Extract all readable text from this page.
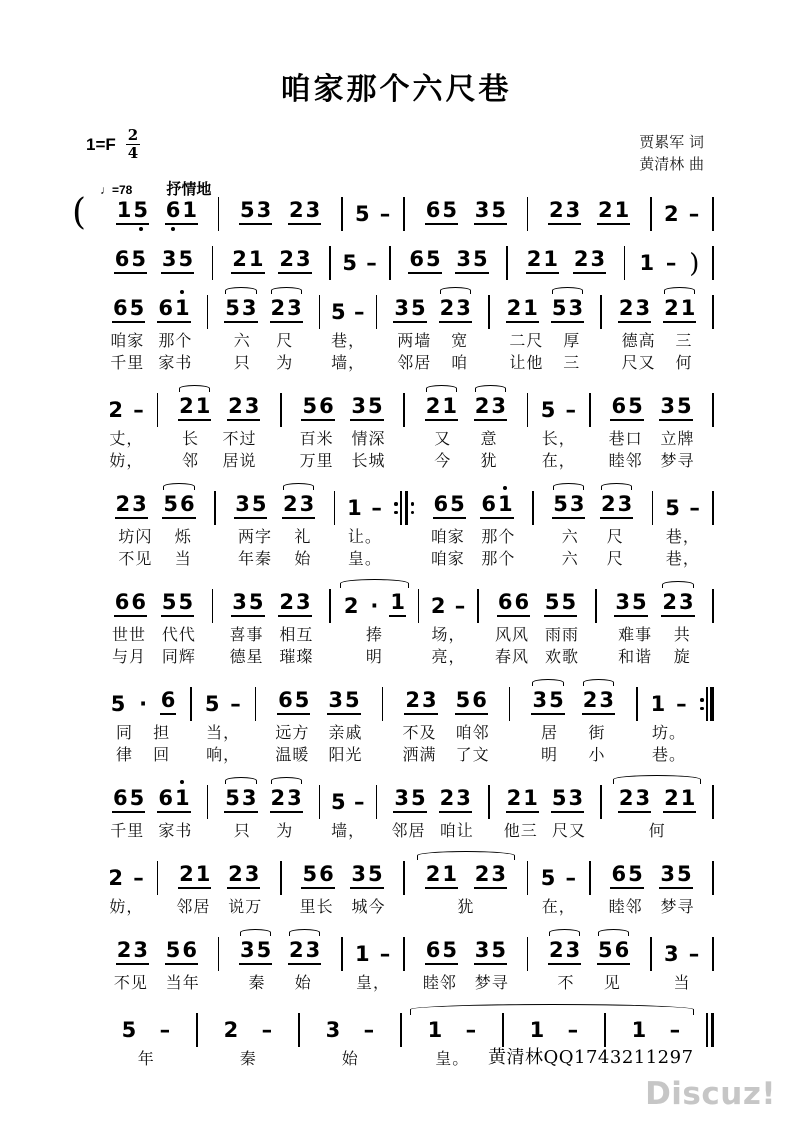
咱家那个六尺巷
$1=F \frac{2}{4}$	贾累军 词
黄清林 曲
(
♩=78 抒情地
1 5 6 1 5 3 2 3 5 – 6 5 3 5 2 3 2 1 2 –
6 5 3 5 2 1 2 3 5 – 6 5 3 5 2 1 2 3 1 – )
6 5 6 1
咱家 那个
千里 家书
5 3 2 3
六 尺
只 为
5 –
巷，
墙，
3 5 2 3
两墙 宽
邻居 咱
2 1 5 3
二尺 厚
让他 三
2 3 2 1
德高 三
尺又 何
2 –
丈，
妨，
2 1 2 3
长 不过
邻 居说
5 6 3 5
百米 情深
万里 长城
2 1 2 3
又 意
今 犹
5 –
长，
在，
6 5 3 5
巷口 立牌
睦邻 梦寻
2 3 5 6
坊闪 烁
不见 当
3 5 2 3
两字 礼
年秦 始
1 –
让。
皇。
6 5 6 1
咱家 那个
咱家 那个
5 3 2 3
六 尺
六 尺
5 –
巷，
巷，
6 6 5 5
世世 代代
与月 同辉
3 5 2 3
喜事 相互
德星 璀璨
2 · 1
捧
明
2 –
场，
亮，
6 6 5 5
风风 雨雨
春风 欢歌
3 5 2 3
难事 共
和谐 旋
5 · 6
同 担
律 回
5 –
当，
响，
6 5 3 5
远方 亲戚
温暖 阳光
2 3 5 6
不及 咱邻
洒满 了文
3 5 2 3
居 街
明 小
1 –
坊。
巷。
6 5 6 1
千里 家书
5 3 2 3
只 为
5 –
墙，
3 5 2 3
邻居 咱让
2 1 5 3
他三 尺又
2 3 2 1
何
2 –
妨，
2 1 2 3
邻居 说万
5 6 3 5
里长 城今
2 1 2 3
犹
5 –
在，
6 5 3 5
睦邻 梦寻
2 3 5 6
不见 当年
3 5 2 3
秦 始
1 –
皇，
6 5 3 5
睦邻 梦寻
2 3 5 6
不 见
3 –
当
5 –
年
2 –
秦
3 –
始
1 –
皇。
1 –	1 –
黄清林QQ1743211297
Discuz!
